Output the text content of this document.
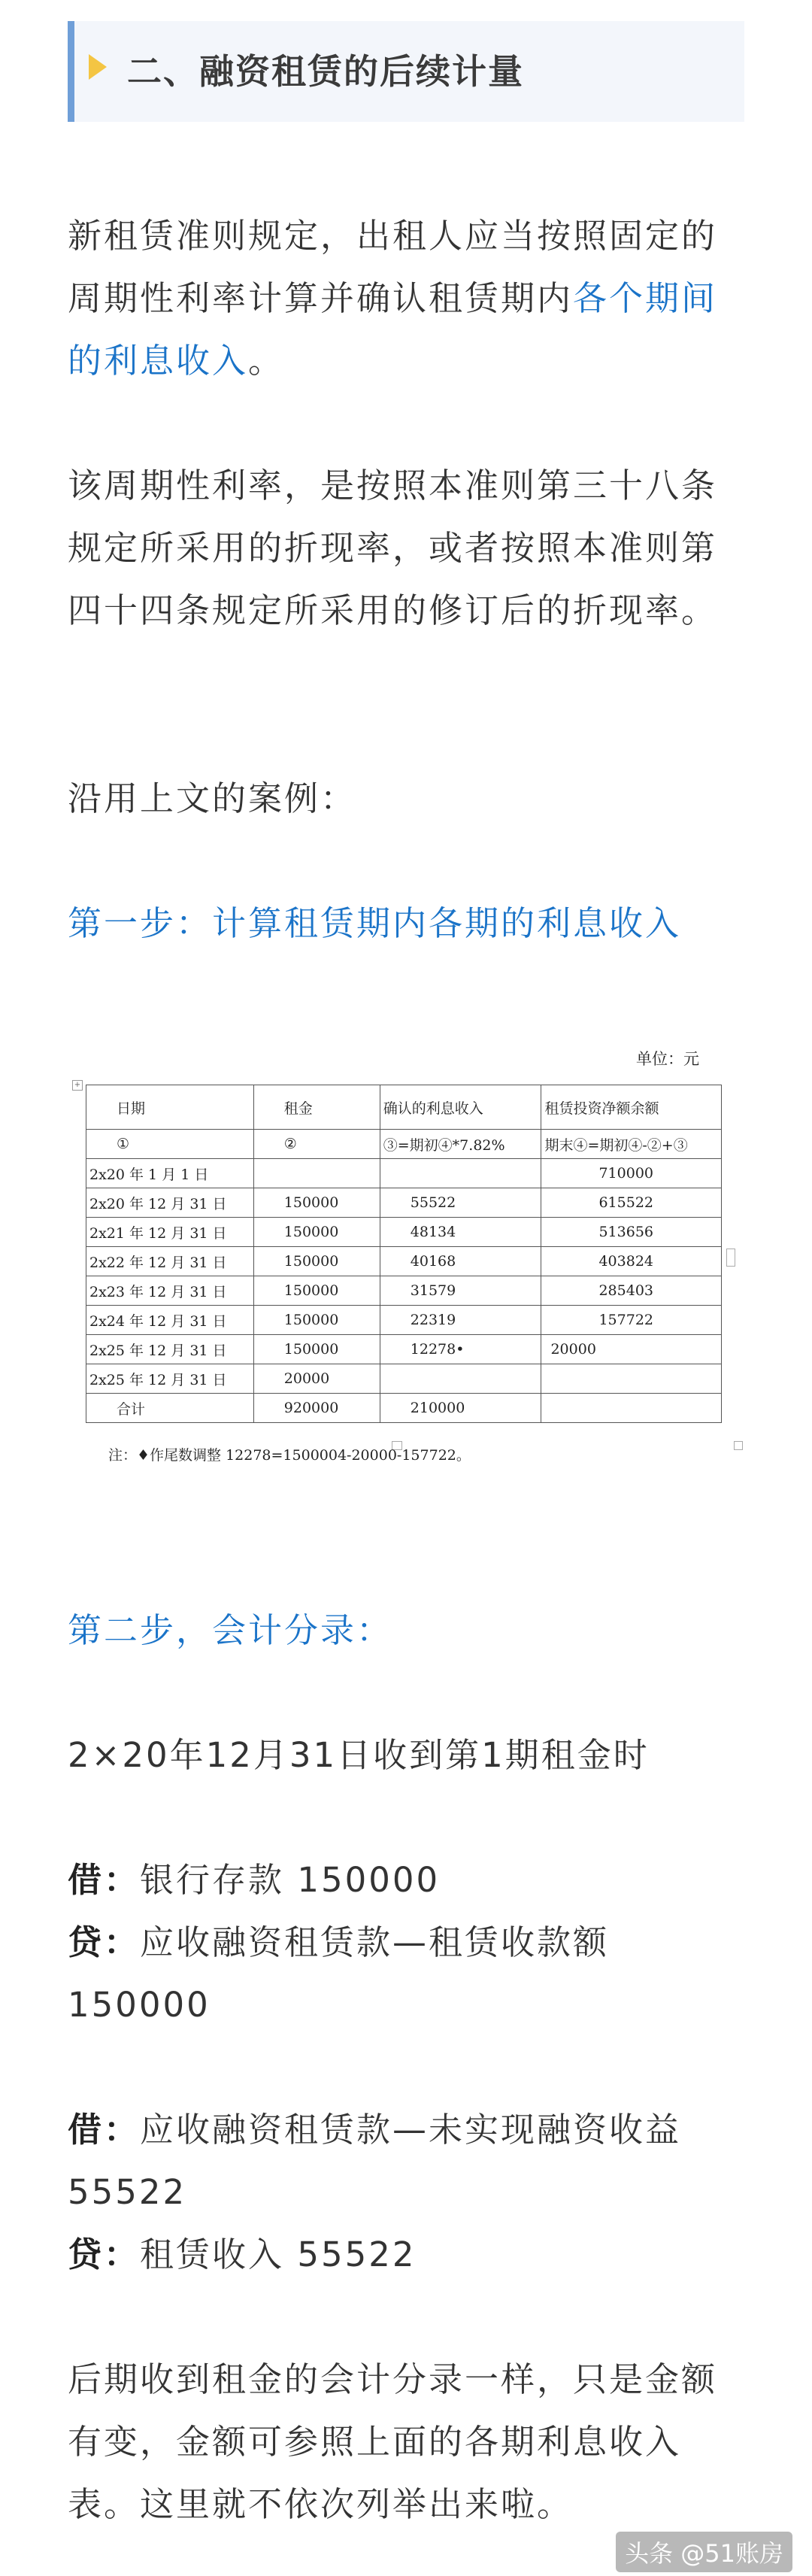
二、融资租赁的后续计量

新租赁准则规定，出租人应当按照固定的周期性利率计算并确认租赁期内各个期间的利息收入。

该周期性利率，是按照本准则第三十八条规定所采用的折现率，或者按照本准则第四十四条规定所采用的修订后的折现率。

沿用上文的案例：

第一步：计算租赁期内各期的利息收入

单位：元
+
日期	租金	确认的利息收入	租赁投资净额余额
①	②	③=期初④*7.82%	期末④=期初④-②+③
2x20 年 1 月 1 日			710000
2x20 年 12 月 31 日	150000	55522	615522
2x21 年 12 月 31 日	150000	48134	513656
2x22 年 12 月 31 日	150000	40168	403824
2x23 年 12 月 31 日	150000	31579	285403
2x24 年 12 月 31 日	150000	22319	157722
2x25 年 12 月 31 日	150000	12278•	20000
2x25 年 12 月 31 日	20000		
合计	920000	210000	
注：♦作尾数调整 12278=1500004-20000-157722。

第二步，会计分录：

2×20年12月31日收到第1期租金时

借：银行存款 150000
贷：应收融资租赁款—租赁收款额 150000

借：应收融资租赁款—未实现融资收益 55522
贷：租赁收入 55522

后期收到租金的会计分录一样，只是金额有变，金额可参照上面的各期利息收入表。这里就不依次列举出来啦。

头条 @51账房
